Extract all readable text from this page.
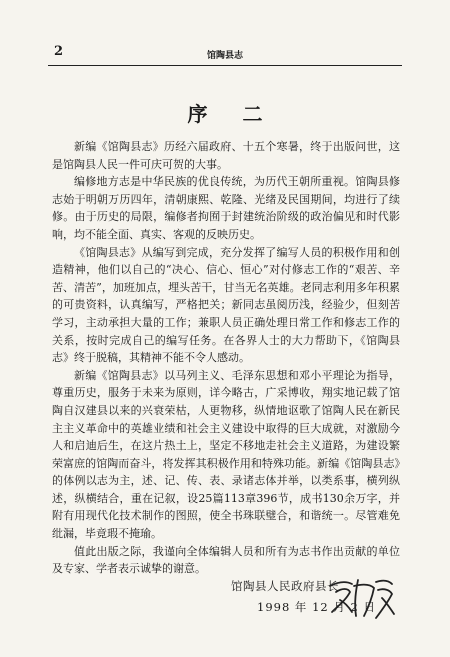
2	馆陶县志
序 二

新编《馆陶县志》历经六届政府、十五个寒暑，终于出版问世，这是馆陶县人民一件可庆可贺的大事。

编修地方志是中华民族的优良传统，为历代王朝所重视。馆陶县修志始于明朝万历四年，清朝康熙、乾隆、光绪及民国期间，均进行了续修。由于历史的局限，编修者拘囿于封建统治阶级的政治偏见和时代影响，均不能全面、真实、客观的反映历史。

《馆陶县志》从编写到完成，充分发挥了编写人员的积极作用和创造精神，他们以自己的“决心、信心、恒心”对付修志工作的“艰苦、辛苦、清苦”，加班加点，埋头苦干，甘当无名英雄。老同志利用多年积累的可贵资料，认真编写，严格把关；新同志虽阅历浅，经验少，但刻苦学习，主动承担大量的工作；兼职人员正确处理日常工作和修志工作的关系，按时完成自己的编写任务。在各界人士的大力帮助下，《馆陶县志》终于脱稿，其精神不能不令人感动。

新编《馆陶县志》以马列主义、毛泽东思想和邓小平理论为指导，尊重历史，服务于未来为原则，详今略古，广采博收，翔实地记载了馆陶自汉建县以来的兴衰荣枯，人更物移，纵情地讴歌了馆陶人民在新民主主义革命中的英雄业绩和社会主义建设中取得的巨大成就，对激励今人和启迪后生，在这片热土上，坚定不移地走社会主义道路，为建设繁荣富庶的馆陶而奋斗，将发挥其积极作用和特殊功能。新编《馆陶县志》的体例以志为主，述、记、传、表、录诸志体并举，以类系事，横列纵述，纵横结合，重在记叙，设25篇113章396节，成书130余万字，并附有用现代化技术制作的图照，使全书珠联璧合，和谐统一。尽管难免纰漏，毕竟瑕不掩瑜。

值此出版之际，我谨向全体编辑人员和所有为志书作出贡献的单位及专家、学者表示诚挚的谢意。

馆陶县人民政府县长
1998 年 12 月 2 日
